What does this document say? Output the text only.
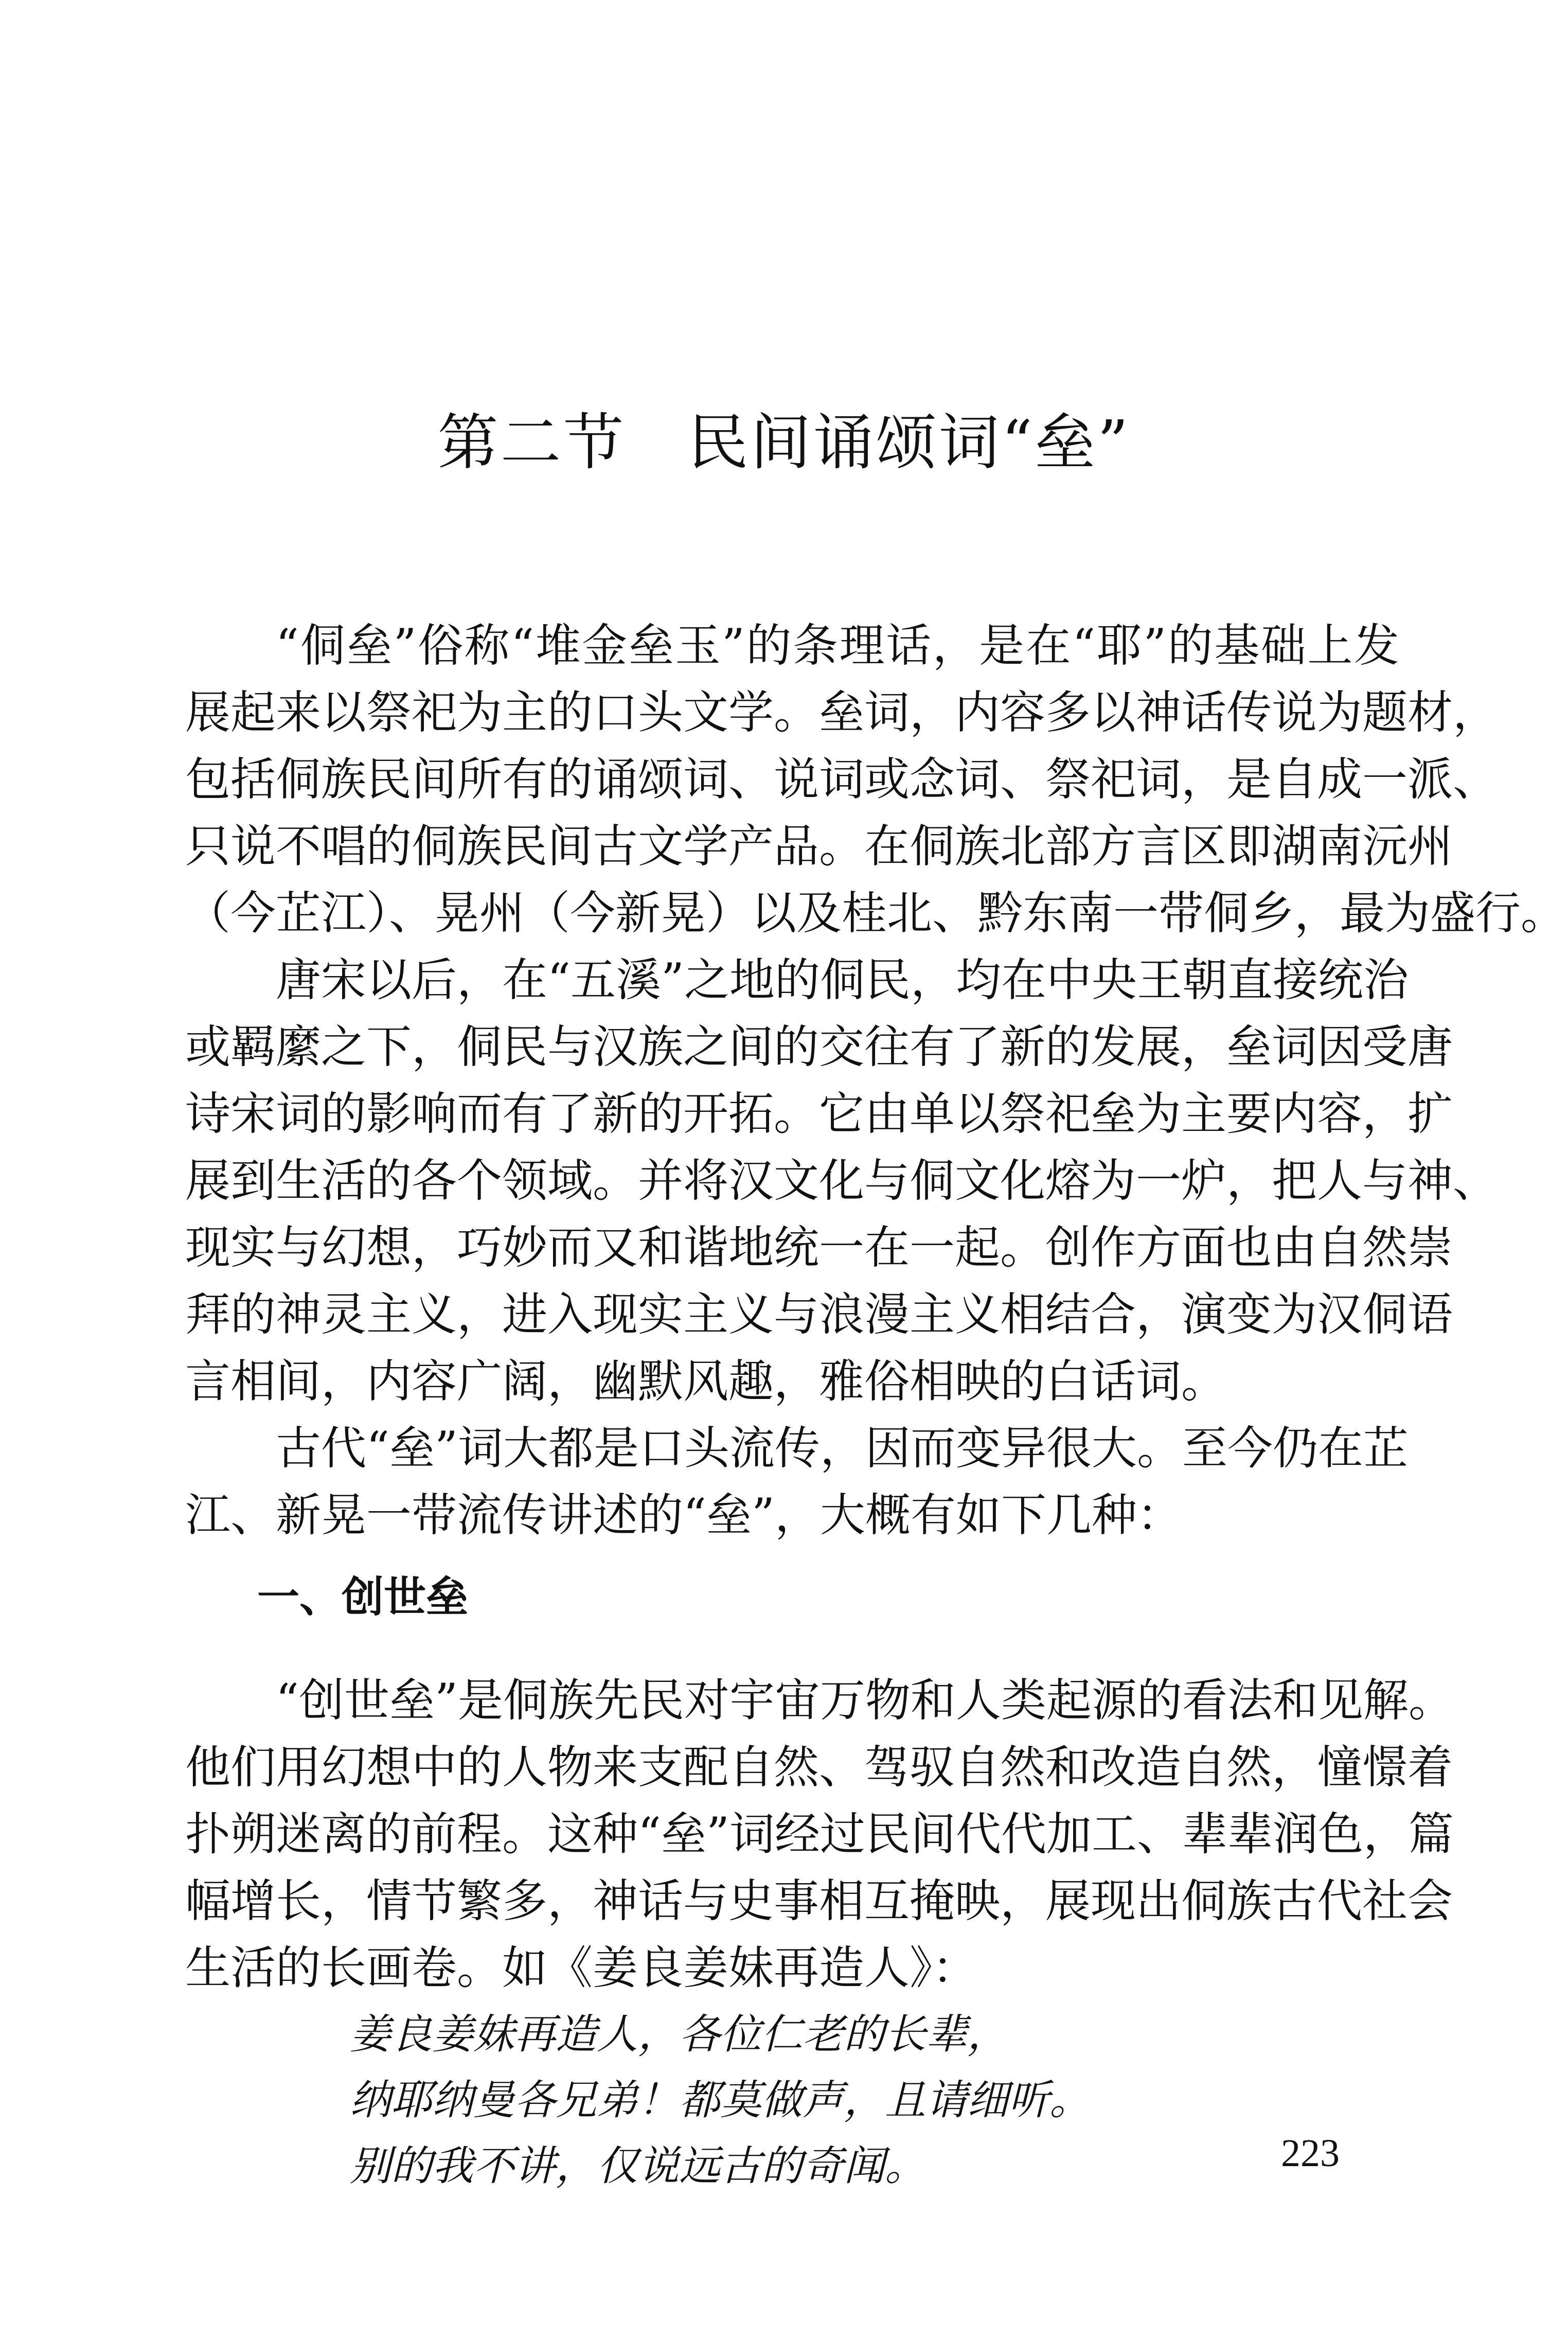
第二节 民间诵颂词“垒”
“侗垒”俗称“堆金垒玉”的条理话，是在“耶”的基础上发
展起来以祭祀为主的口头文学。垒词，内容多以神话传说为题材，
包括侗族民间所有的诵颂词、说词或念词、祭祀词，是自成一派、
只说不唱的侗族民间古文学产品。在侗族北部方言区即湖南沅州
（今芷江）、晃州（今新晃）以及桂北、黔东南一带侗乡，最为盛行。
唐宋以后，在“五溪”之地的侗民，均在中央王朝直接统治
或羁縻之下，侗民与汉族之间的交往有了新的发展，垒词因受唐
诗宋词的影响而有了新的开拓。它由单以祭祀垒为主要内容，扩
展到生活的各个领域。并将汉文化与侗文化熔为一炉，把人与神、
现实与幻想，巧妙而又和谐地统一在一起。创作方面也由自然崇
拜的神灵主义，进入现实主义与浪漫主义相结合，演变为汉侗语
言相间，内容广阔，幽默风趣，雅俗相映的白话词。
古代“垒”词大都是口头流传，因而变异很大。至今仍在芷
江、新晃一带流传讲述的“垒”，大概有如下几种：
一、创世垒
“创世垒”是侗族先民对宇宙万物和人类起源的看法和见解。
他们用幻想中的人物来支配自然、驾驭自然和改造自然，憧憬着
扑朔迷离的前程。这种“垒”词经过民间代代加工、辈辈润色，篇
幅增长，情节繁多，神话与史事相互掩映，展现出侗族古代社会
生活的长画卷。如《姜良姜妹再造人》：
姜良姜妹再造人，各位仁老的长辈，
纳耶纳曼各兄弟！都莫做声，且请细听。
别的我不讲，仅说远古的奇闻。	223
